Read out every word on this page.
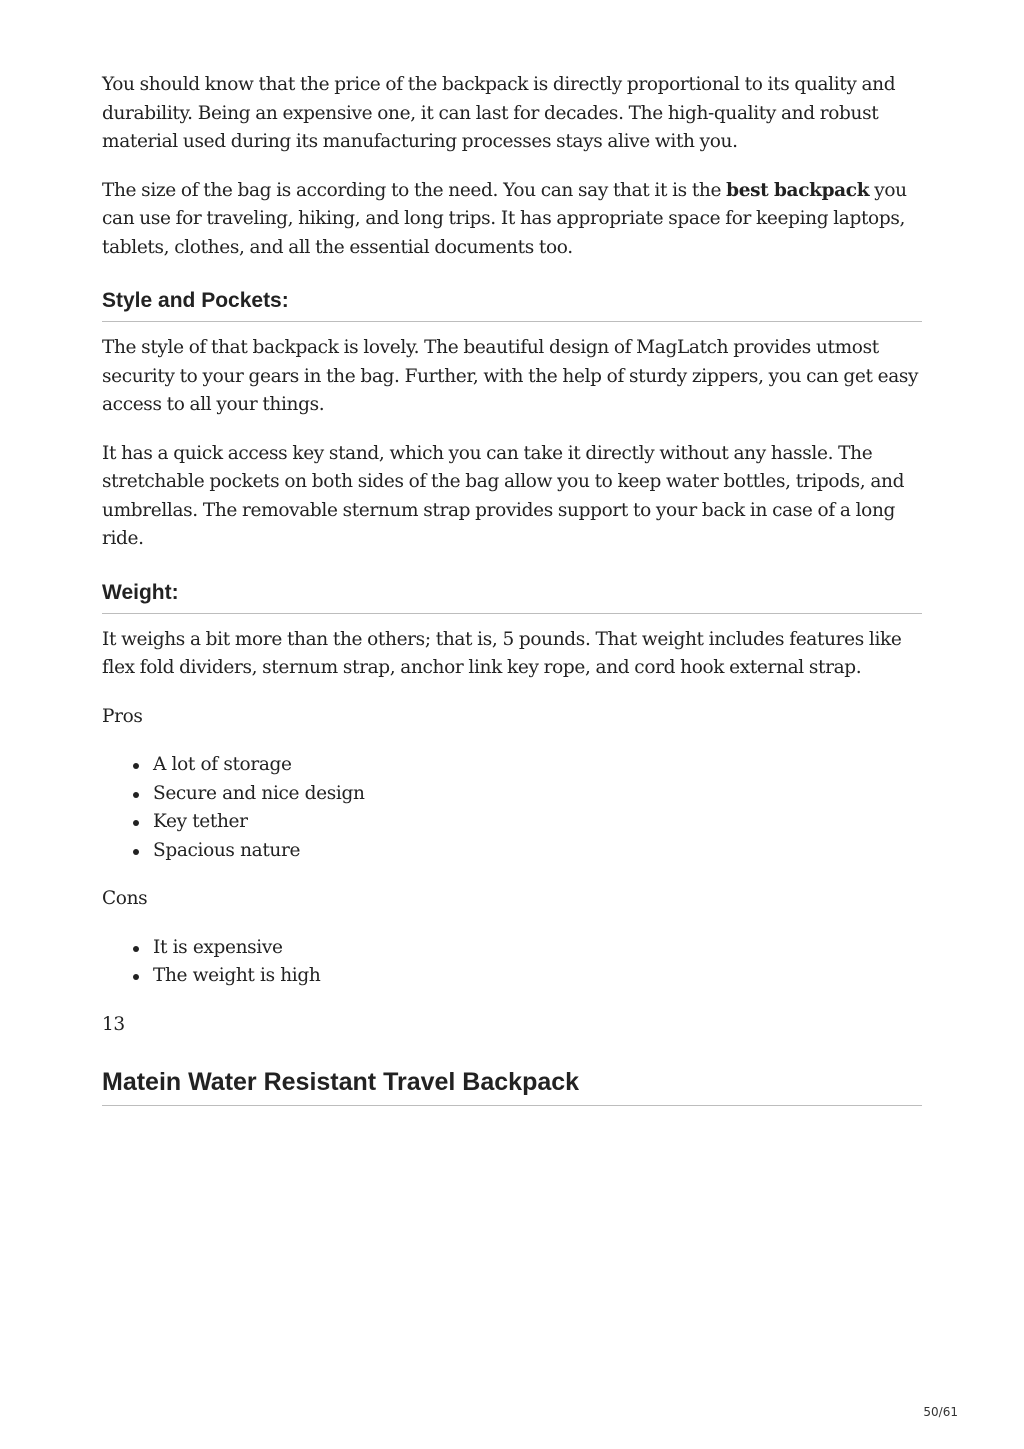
You should know that the price of the backpack is directly proportional to its quality and durability. Being an expensive one, it can last for decades. The high-quality and robust material used during its manufacturing processes stays alive with you.

The size of the bag is according to the need. You can say that it is the best backpack you can use for traveling, hiking, and long trips. It has appropriate space for keeping laptops, tablets, clothes, and all the essential documents too.

Style and Pockets:

The style of that backpack is lovely. The beautiful design of MagLatch provides utmost security to your gears in the bag. Further, with the help of sturdy zippers, you can get easy access to all your things.

It has a quick access key stand, which you can take it directly without any hassle. The stretchable pockets on both sides of the bag allow you to keep water bottles, tripods, and umbrellas. The removable sternum strap provides support to your back in case of a long ride.

Weight:

It weighs a bit more than the others; that is, 5 pounds. That weight includes features like flex fold dividers, sternum strap, anchor link key rope, and cord hook external strap.

Pros

A lot of storage
Secure and nice design
Key tether
Spacious nature

Cons

It is expensive
The weight is high

13

Matein Water Resistant Travel Backpack
50/61
